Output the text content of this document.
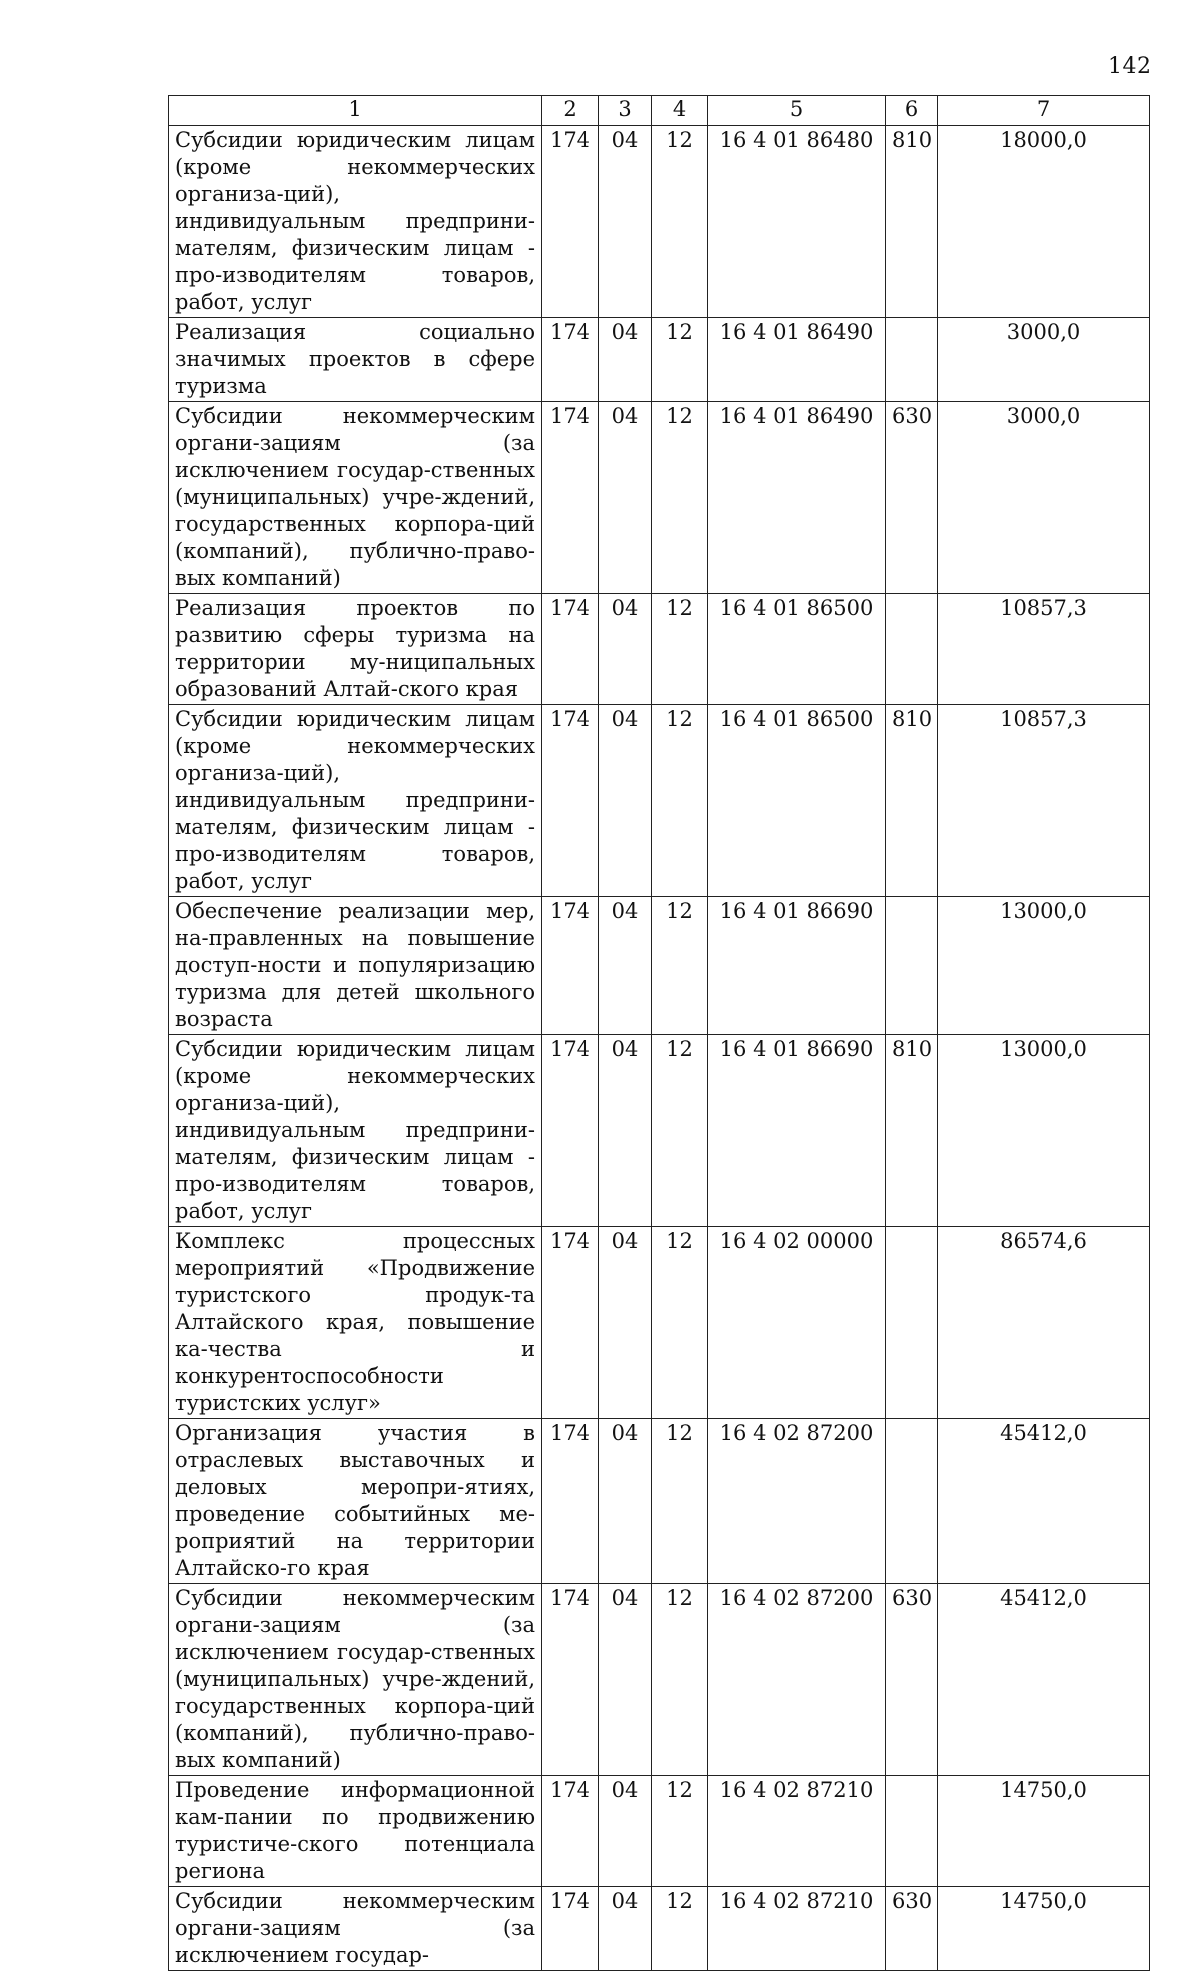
142
1	2	3	4	5	6	7
Субсидии юридическим лицам (кроме некоммерческих организа-ций), индивидуальным предприни-мателям, физическим лицам - про-изводителям товаров, работ, услуг	174	04	12	16 4 01 86480	810	18000,0
Реализация социально значимых проектов в сфере туризма	174	04	12	16 4 01 86490		3000,0
Субсидии некоммерческим органи-зациям (за исключением государ-ственных (муниципальных) учре-ждений, государственных корпора-ций (компаний), публично-право-вых компаний)	174	04	12	16 4 01 86490	630	3000,0
Реализация проектов по развитию сферы туризма на территории му-ниципальных образований Алтай-ского края	174	04	12	16 4 01 86500		10857,3
Субсидии юридическим лицам (кроме некоммерческих организа-ций), индивидуальным предприни-мателям, физическим лицам - про-изводителям товаров, работ, услуг	174	04	12	16 4 01 86500	810	10857,3
Обеспечение реализации мер, на-правленных на повышение доступ-ности и популяризацию туризма для детей школьного возраста	174	04	12	16 4 01 86690		13000,0
Субсидии юридическим лицам (кроме некоммерческих организа-ций), индивидуальным предприни-мателям, физическим лицам - про-изводителям товаров, работ, услуг	174	04	12	16 4 01 86690	810	13000,0
Комплекс процессных мероприятий «Продвижение туристского продук-та Алтайского края, повышение ка-чества и конкурентоспособности туристских услуг»	174	04	12	16 4 02 00000		86574,6
Организация участия в отраслевых выставочных и деловых меропри-ятиях, проведение событийных ме-роприятий на территории Алтайско-го края	174	04	12	16 4 02 87200		45412,0
Субсидии некоммерческим органи-зациям (за исключением государ-ственных (муниципальных) учре-ждений, государственных корпора-ций (компаний), публично-право-вых компаний)	174	04	12	16 4 02 87200	630	45412,0
Проведение информационной кам-пании по продвижению туристиче-ского потенциала региона	174	04	12	16 4 02 87210		14750,0
Субсидии некоммерческим органи-зациям (за исключением государ-	174	04	12	16 4 02 87210	630	14750,0
